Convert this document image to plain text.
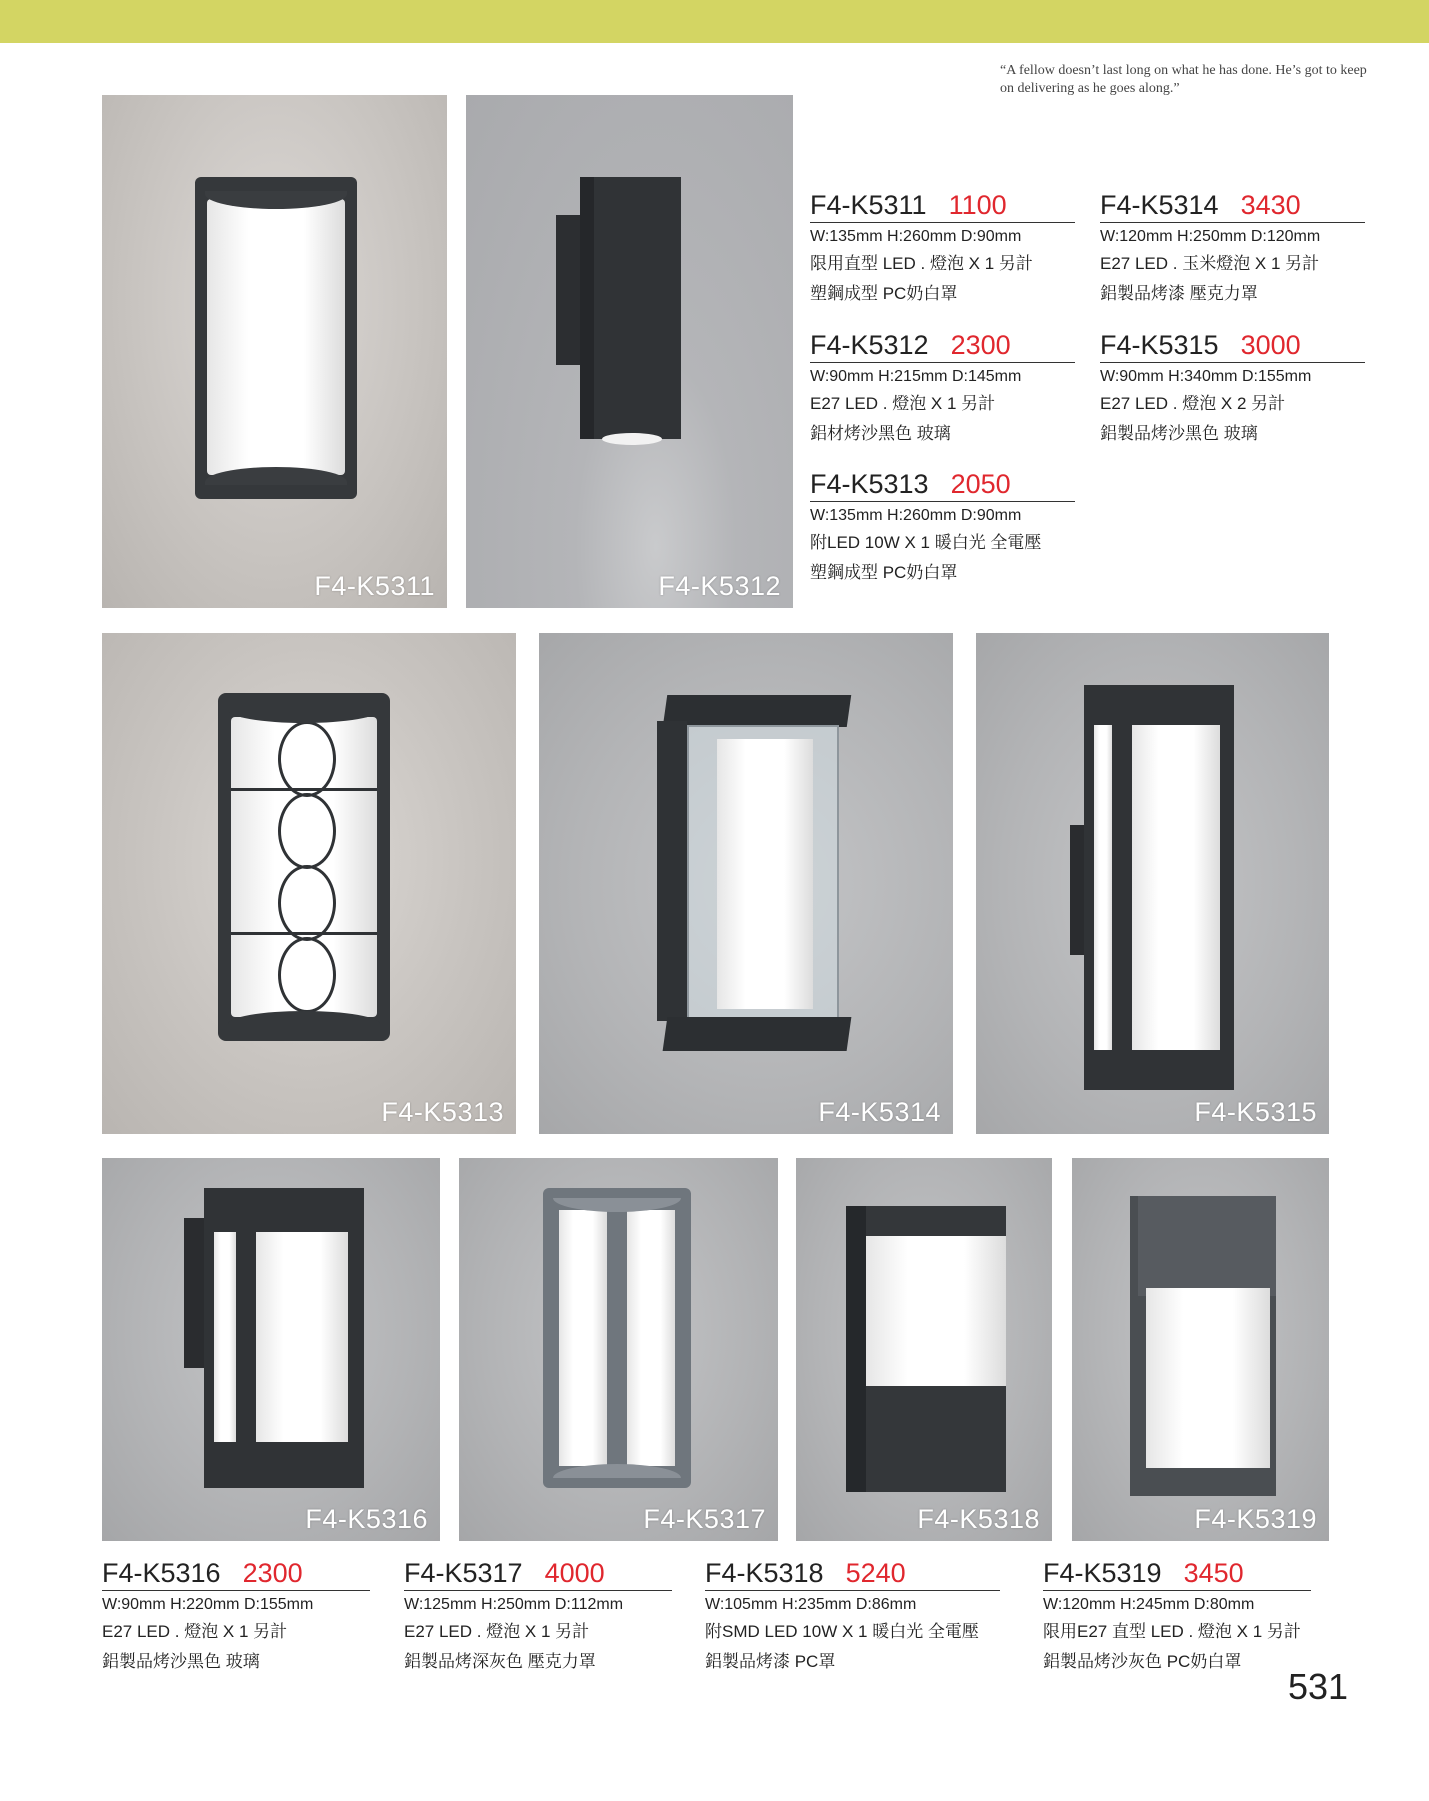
“A fellow doesn’t last long on what he has done. He’s got to keep on delivering as he goes along.”
F4-K5311	F4-K5312
F4-K5311 1100
W:135mm H:260mm D:90mm
限用直型 LED . 燈泡 X 1 另計
塑鋼成型 PC奶白罩
F4-K5312 2300
W:90mm H:215mm D:145mm
E27 LED . 燈泡 X 1 另計
鋁材烤沙黑色 玻璃
F4-K5313 2050
W:135mm H:260mm D:90mm
附LED 10W X 1 暖白光 全電壓
塑鋼成型 PC奶白罩
F4-K5314 3430
W:120mm H:250mm D:120mm
E27 LED . 玉米燈泡 X 1 另計
鋁製品烤漆 壓克力罩
F4-K5315 3000
W:90mm H:340mm D:155mm
E27 LED . 燈泡 X 2 另計
鋁製品烤沙黑色 玻璃
F4-K5313	F4-K5314	F4-K5315
F4-K5316	F4-K5317	F4-K5318	F4-K5319
F4-K5316 2300
W:90mm H:220mm D:155mm
E27 LED . 燈泡 X 1 另計
鋁製品烤沙黑色 玻璃
F4-K5317 4000
W:125mm H:250mm D:112mm
E27 LED . 燈泡 X 1 另計
鋁製品烤深灰色 壓克力罩
F4-K5318 5240
W:105mm H:235mm D:86mm
附SMD LED 10W X 1 暖白光 全電壓
鋁製品烤漆 PC罩
F4-K5319 3450
W:120mm H:245mm D:80mm
限用E27 直型 LED . 燈泡 X 1 另計
鋁製品烤沙灰色 PC奶白罩
531
